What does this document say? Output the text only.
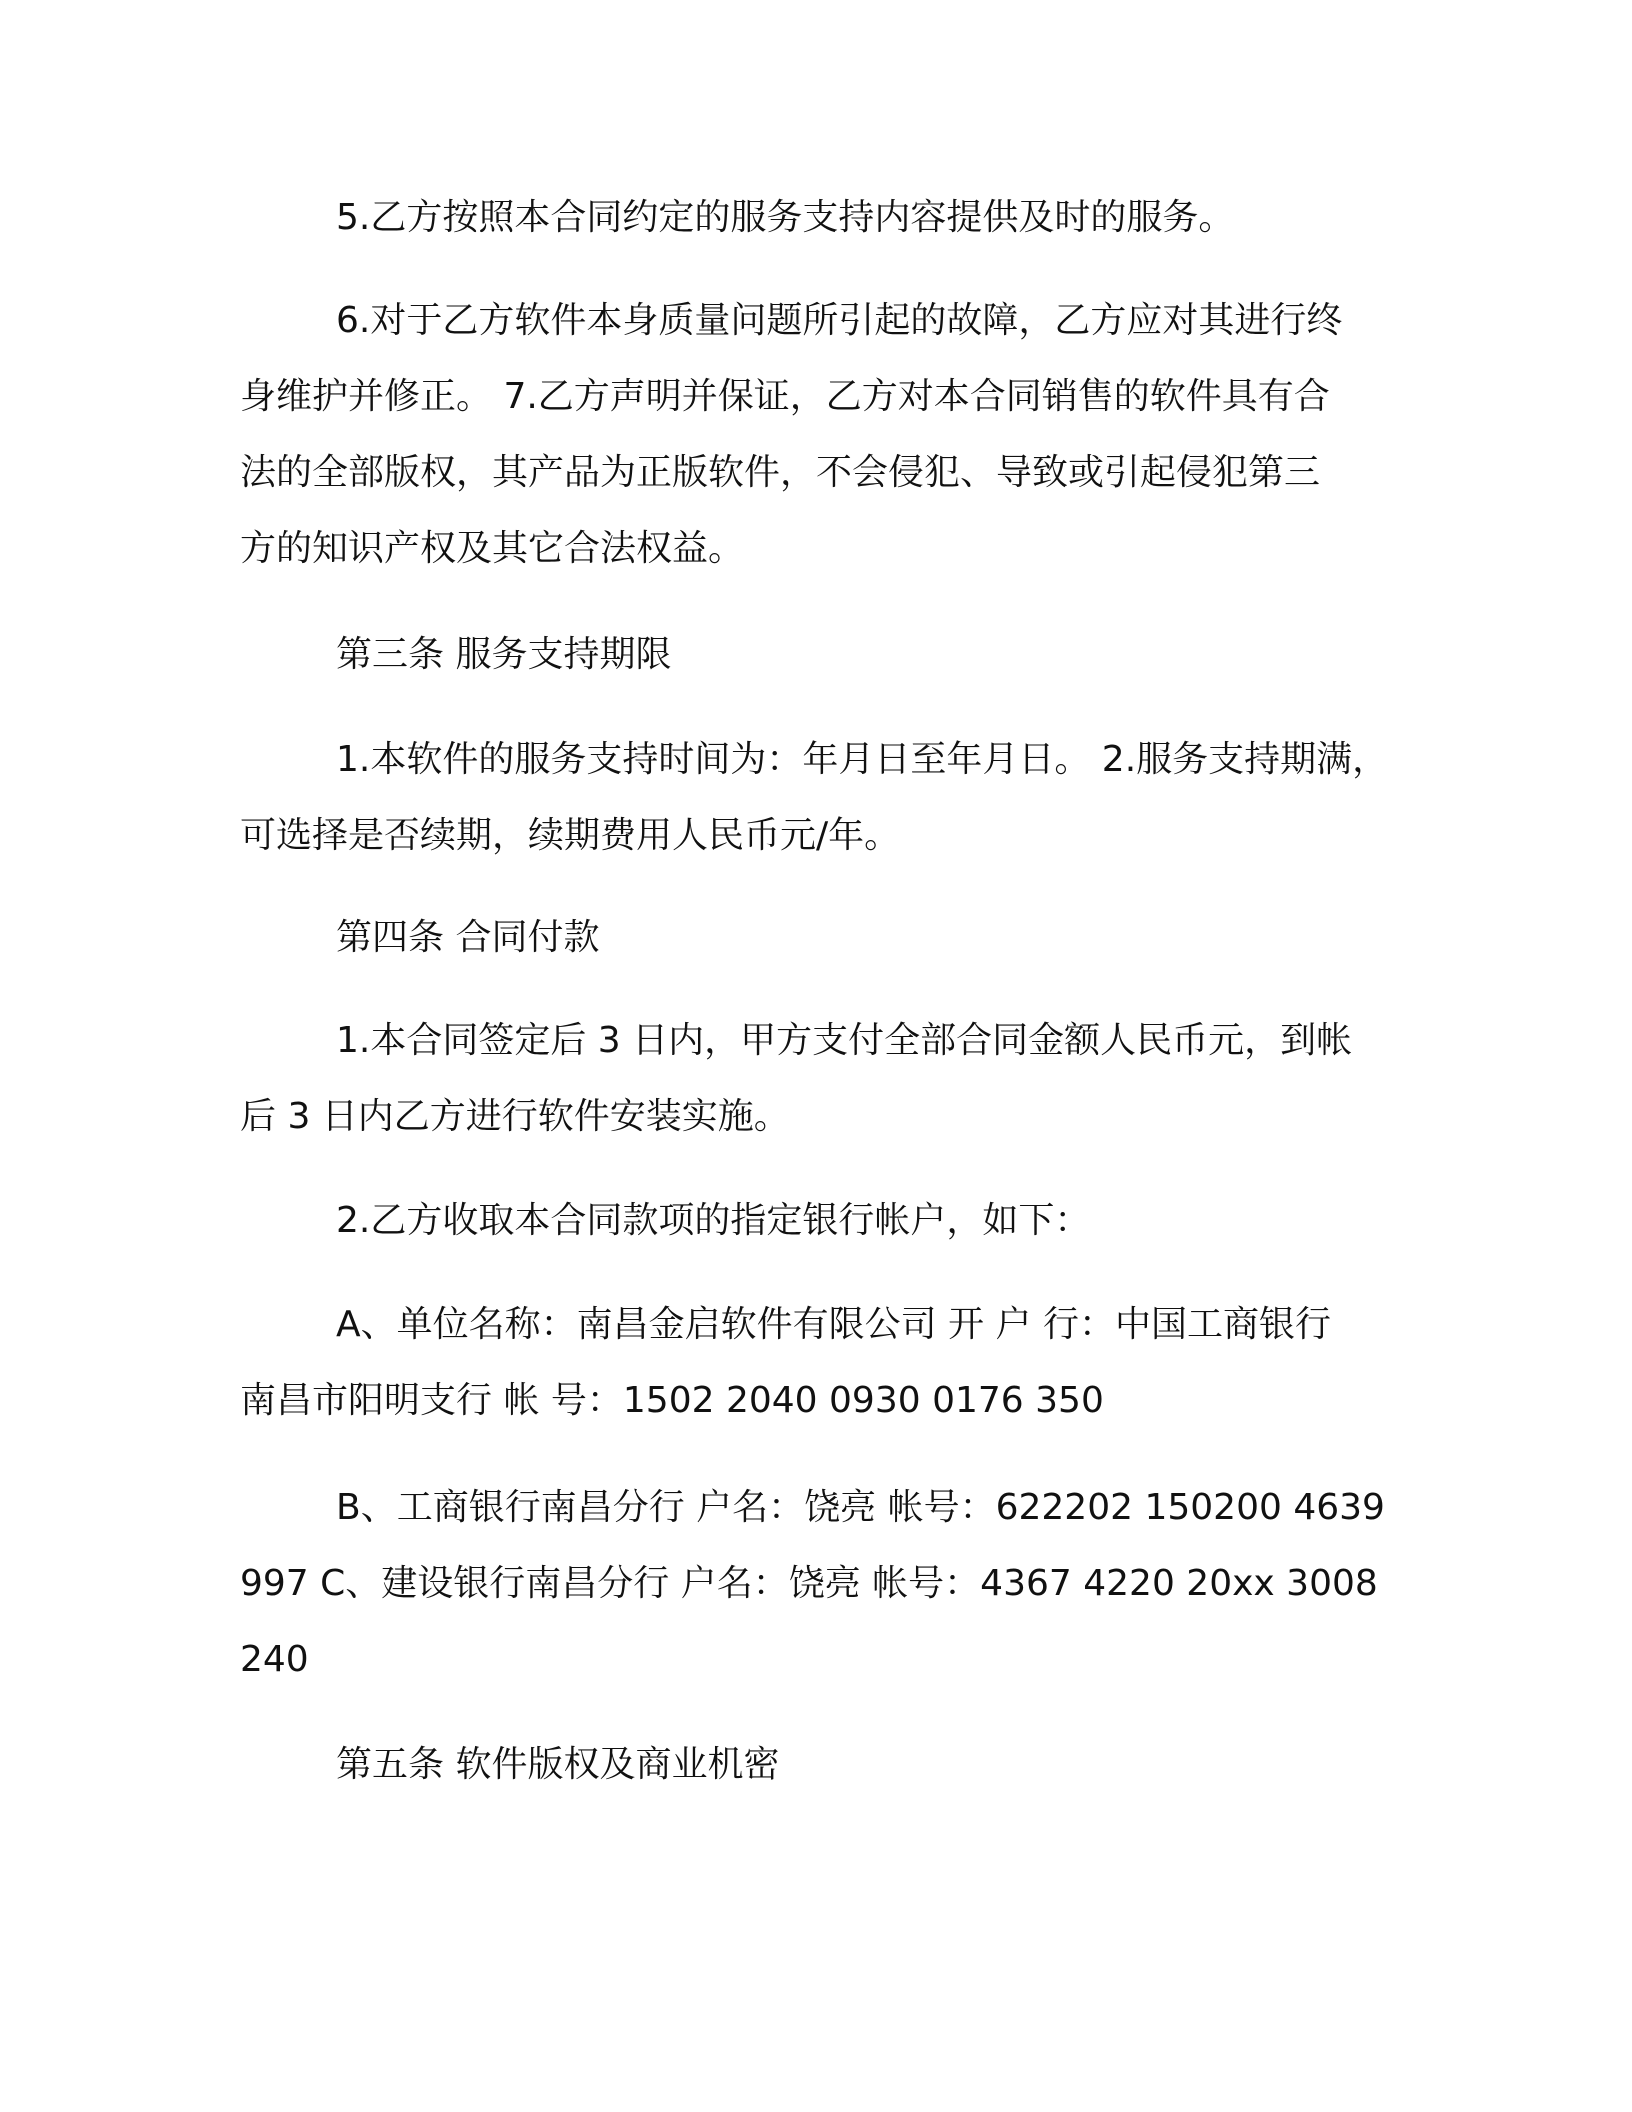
5.乙方按照本合同约定的服务支持内容提供及时的服务。

6.对于乙方软件本身质量问题所引起的故障，乙方应对其进行终
身维护并修正。 7.乙方声明并保证，乙方对本合同销售的软件具有合
法的全部版权，其产品为正版软件，不会侵犯、导致或引起侵犯第三
方的知识产权及其它合法权益。

第三条 服务支持期限

1.本软件的服务支持时间为：年月日至年月日。 2.服务支持期满，
可选择是否续期，续期费用人民币元/年。

第四条 合同付款

1.本合同签定后 3 日内，甲方支付全部合同金额人民币元，到帐
后 3 日内乙方进行软件安装实施。

2.乙方收取本合同款项的指定银行帐户，如下：

A、单位名称：南昌金启软件有限公司 开 户 行：中国工商银行
南昌市阳明支行 帐 号：1502 2040 0930 0176 350

B、工商银行南昌分行 户名：饶亮 帐号：622202 150200 4639
997 C、建设银行南昌分行 户名：饶亮 帐号：4367 4220 20xx 3008
240

第五条 软件版权及商业机密
